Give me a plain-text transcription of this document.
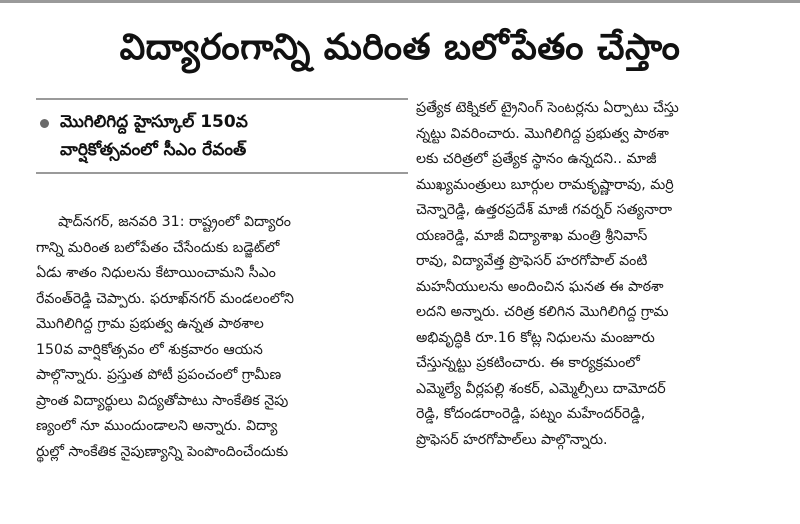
విద్యారంగాన్ని మరింత బలోపేతం చేస్తాం
మొగిలిగిద్ద హైస్కూల్ 150వ
వార్షికోత్సవంలో సీఎం రేవంత్
షాద్‌నగర్, జనవరి 31: రాష్ట్రంలో విద్యారం
గాన్ని మరింత బలోపేతం చేసేందుకు బడ్జెట్‌లో
ఏడు శాతం నిధులను కేటాయించామని సీఎం
రేవంత్‌రెడ్డి చెప్పారు. ఫరూఖ్‌నగర్ మండలంలోని
మొగిలిగిద్ద గ్రామ ప్రభుత్వ ఉన్నత పాఠశాల
150వ వార్షికోత్సవం లో శుక్రవారం ఆయన
పాల్గొన్నారు. ప్రస్తుత పోటీ ప్రపంచంలో గ్రామీణ
ప్రాంత విద్యార్థులు విద్యతోపాటు సాంకేతిక నైపు
ణ్యంలో నూ ముందుండాలని అన్నారు. విద్యా
ర్థుల్లో సాంకేతిక నైపుణ్యాన్ని పెంపొందించేందుకు
ప్రత్యేక టెక్నికల్ ట్రైనింగ్ సెంటర్లను ఏర్పాటు చేస్తు
న్నట్టు వివరించారు. మొగిలిగిద్ద ప్రభుత్వ పాఠశా
లకు చరిత్రలో ప్రత్యేక స్థానం ఉన్నదని.. మాజీ
ముఖ్యమంత్రులు బూర్గుల రామకృష్ణారావు, మర్రి
చెన్నారెడ్డి, ఉత్తరప్రదేశ్ మాజీ గవర్నర్ సత్యనారా
యణరెడ్డి, మాజీ విద్యాశాఖ మంత్రి శ్రీనివాస్
రావు, విద్యావేత్త ప్రొఫెసర్ హరగోపాల్ వంటి
మహనీయులను అందించిన ఘనత ఈ పాఠశా
లదని అన్నారు. చరిత్ర కలిగిన మొగిలిగిద్ద గ్రామ
అభివృద్ధికి రూ.16 కోట్ల నిధులను మంజూరు
చేస్తున్నట్టు ప్రకటించారు. ఈ కార్యక్రమంలో
ఎమ్మెల్యే వీర్లపల్లి శంకర్, ఎమ్మెల్సీలు దామోదర్
రెడ్డి, కోదండరాంరెడ్డి, పట్నం మహేందర్‌రెడ్డి,
ప్రొఫెసర్ హరగోపాల్‌లు పాల్గొన్నారు.
